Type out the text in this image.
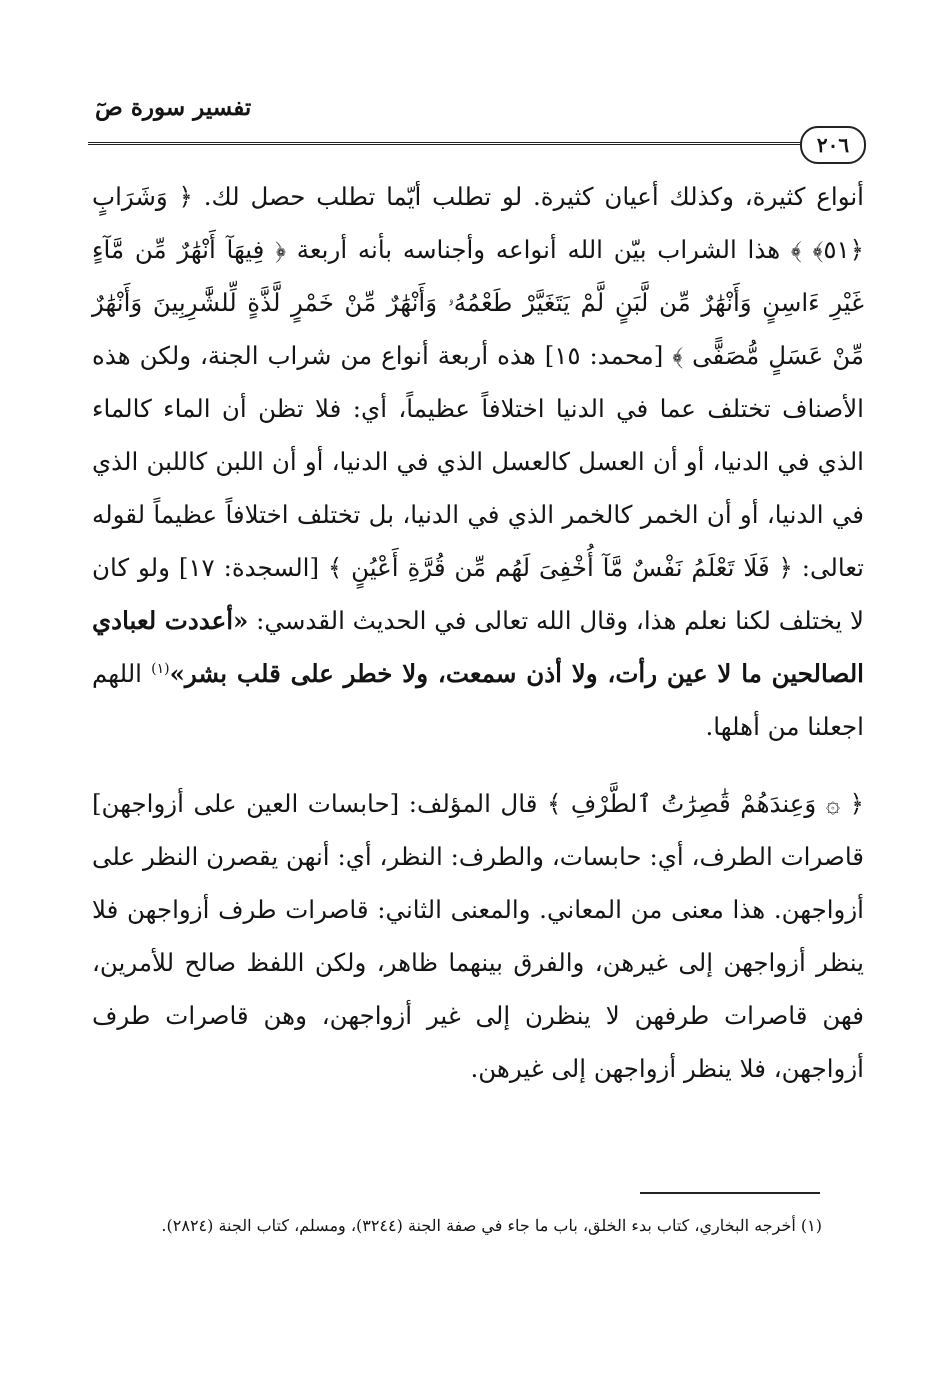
تفسير سورة صٓ
٢٠٦

أنواع كثيرة، وكذلك أعيان كثيرة. لو تطلب أيّما تطلب حصل لك. ﴿ وَشَرَابٍ ﴿٥١﴾ ﴾ هذا الشراب بيّن الله أنواعه وأجناسه بأنه أربعة ﴿ فِيهَآ أَنْهَٰرٌ مِّن مَّآءٍ غَيْرِ ءَاسِنٍ وَأَنْهَٰرٌ مِّن لَّبَنٍ لَّمْ يَتَغَيَّرْ طَعْمُهُۥ وَأَنْهَٰرٌ مِّنْ خَمْرٍ لَّذَّةٍ لِّلشَّٰرِبِينَ وَأَنْهَٰرٌ مِّنْ عَسَلٍ مُّصَفًّى ﴾ [محمد: ١٥] هذه أربعة أنواع من شراب الجنة، ولكن هذه الأصناف تختلف عما في الدنيا اختلافاً عظيماً، أي: فلا تظن أن الماء كالماء الذي في الدنيا، أو أن العسل كالعسل الذي في الدنيا، أو أن اللبن كاللبن الذي في الدنيا، أو أن الخمر كالخمر الذي في الدنيا، بل تختلف اختلافاً عظيماً لقوله تعالى: ﴿ فَلَا تَعْلَمُ نَفْسٌ مَّآ أُخْفِىَ لَهُم مِّن قُرَّةِ أَعْيُنٍ ﴾ [السجدة: ١٧] ولو كان لا يختلف لكنا نعلم هذا، وقال الله تعالى في الحديث القدسي: «أعددت لعبادي الصالحين ما لا عين رأت، ولا أذن سمعت، ولا خطر على قلب بشر»$^{(١)}$ اللهم اجعلنا من أهلها.

﴿ ۞ وَعِندَهُمْ قَٰصِرَٰتُ ٱلطَّرْفِ ﴾ قال المؤلف: [حابسات العين على أزواجهن] قاصرات الطرف، أي: حابسات، والطرف: النظر، أي: أنهن يقصرن النظر على أزواجهن. هذا معنى من المعاني. والمعنى الثاني: قاصرات طرف أزواجهن فلا ينظر أزواجهن إلى غيرهن، والفرق بينهما ظاهر، ولكن اللفظ صالح للأمرين، فهن قاصرات طرفهن لا ينظرن إلى غير أزواجهن، وهن قاصرات طرف أزواجهن، فلا ينظر أزواجهن إلى غيرهن.

(١) أخرجه البخاري، كتاب بدء الخلق، باب ما جاء في صفة الجنة (٣٢٤٤)، ومسلم، كتاب الجنة (٢٨٢٤).
